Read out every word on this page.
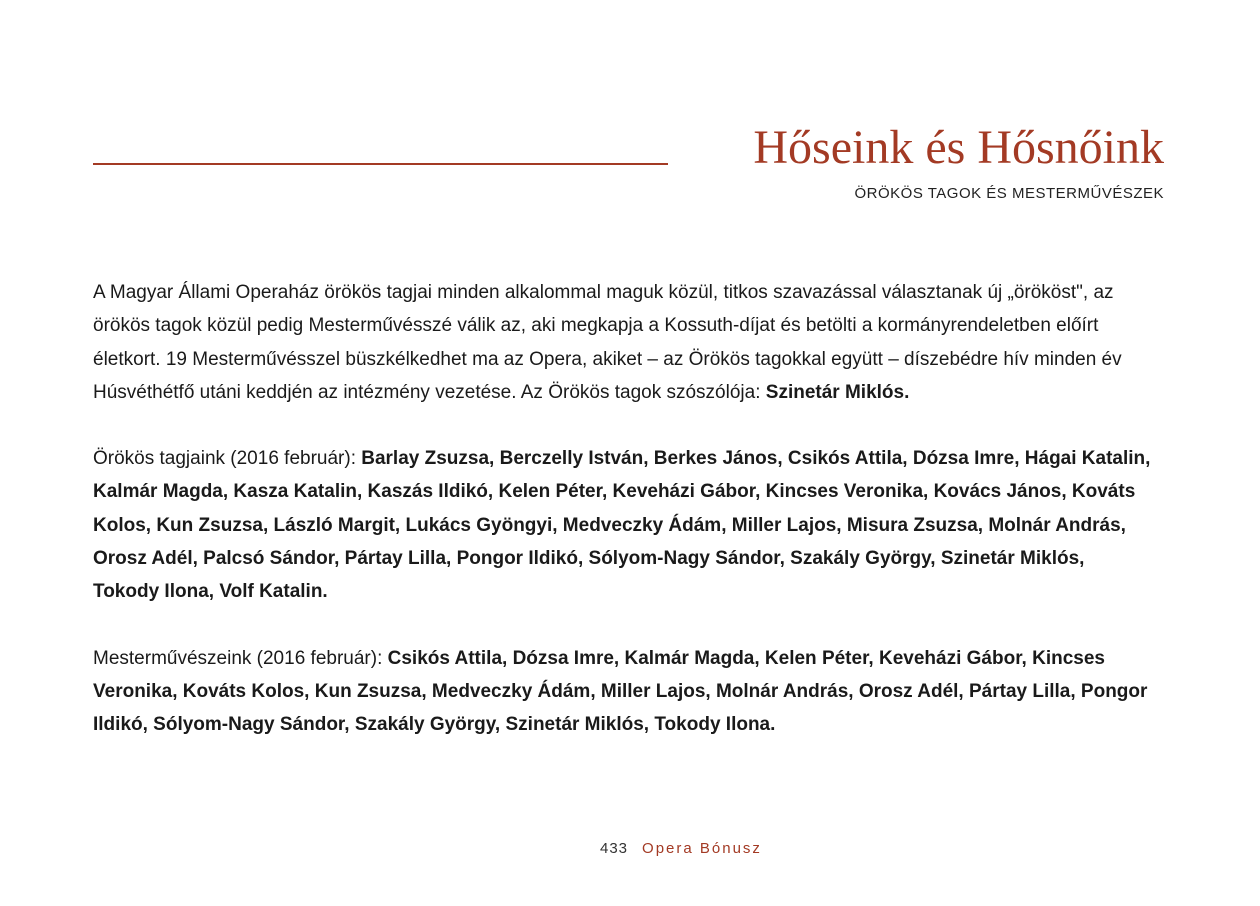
Hőseink és Hősnőink
ÖRÖKÖS TAGOK ÉS MESTERMŰVÉSZEK

A Magyar Állami Operaház örökös tagjai minden alkalommal maguk közül, titkos szavazással választanak új „örököst", az örökös tagok közül pedig Mesterművésszé válik az, aki megkapja a Kossuth-díjat és betölti a kormányrendeletben előírt életkort. 19 Mesterművésszel büszkélkedhet ma az Opera, akiket – az Örökös tagokkal együtt – díszebédre hív minden év Húsvéthétfő utáni keddjén az intézmény vezetése. Az Örökös tagok szószólója: Szinetár Miklós.

Örökös tagjaink (2016 február): Barlay Zsuzsa, Berczelly István, Berkes János, Csikós Attila, Dózsa Imre, Hágai Katalin, Kalmár Magda, Kasza Katalin, Kaszás Ildikó, Kelen Péter, Keveházi Gábor, Kincses Veronika, Kovács János, Kováts Kolos, Kun Zsuzsa, László Margit, Lukács Gyöngyi, Medveczky Ádám, Miller Lajos, Misura Zsuzsa, Molnár András, Orosz Adél, Palcsó Sándor, Pártay Lilla, Pongor Ildikó, Sólyom-Nagy Sándor, Szakály György, Szinetár Miklós, Tokody Ilona, Volf Katalin.

Mesterművészeink (2016 február): Csikós Attila, Dózsa Imre, Kalmár Magda, Kelen Péter, Keveházi Gábor, Kincses Veronika, Kováts Kolos, Kun Zsuzsa, Medveczky Ádám, Miller Lajos, Molnár András, Orosz Adél, Pártay Lilla, Pongor Ildikó, Sólyom-Nagy Sándor, Szakály György, Szinetár Miklós, Tokody Ilona.

433 Opera Bónusz
